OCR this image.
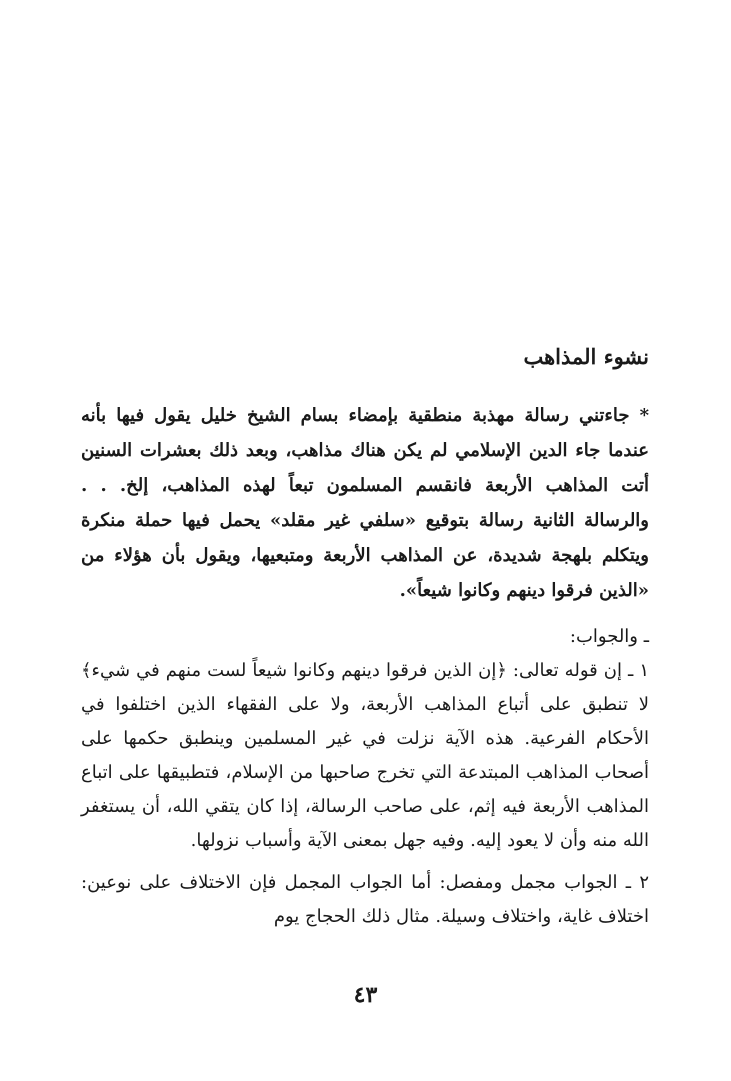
نشوء المذاهب

* جاءتني رسالة مهذبة منطقية بإمضاء بسام الشيخ خليل يقول فيها بأنه عندما جاء الدين الإسلامي لم يكن هناك مذاهب، وبعد ذلك بعشرات السنين أتت المذاهب الأربعة فانقسم المسلمون تبعاً لهذه المذاهب، إلخ. . . والرسالة الثانية رسالة بتوقيع «سلفي غير مقلد» يحمل فيها حملة منكرة ويتكلم بلهجة شديدة، عن المذاهب الأربعة ومتبعيها، ويقول بأن هؤلاء من «الذين فرقوا دينهم وكانوا شيعاً».

ـ والجواب:

١ ـ إن قوله تعالى: ﴿إن الذين فرقوا دينهم وكانوا شيعاً لست منهم في شيء﴾ لا تنطبق على أتباع المذاهب الأربعة، ولا على الفقهاء الذين اختلفوا في الأحكام الفرعية. هذه الآية نزلت في غير المسلمين وينطبق حكمها على أصحاب المذاهب المبتدعة التي تخرج صاحبها من الإسلام، فتطبيقها على اتباع المذاهب الأربعة فيه إثم، على صاحب الرسالة، إذا كان يتقي الله، أن يستغفر الله منه وأن لا يعود إليه. وفيه جهل بمعنى الآية وأسباب نزولها.

٢ ـ الجواب مجمل ومفصل: أما الجواب المجمل فإن الاختلاف على نوعين: اختلاف غاية، واختلاف وسيلة. مثال ذلك الحجاج يوم

٤٣
